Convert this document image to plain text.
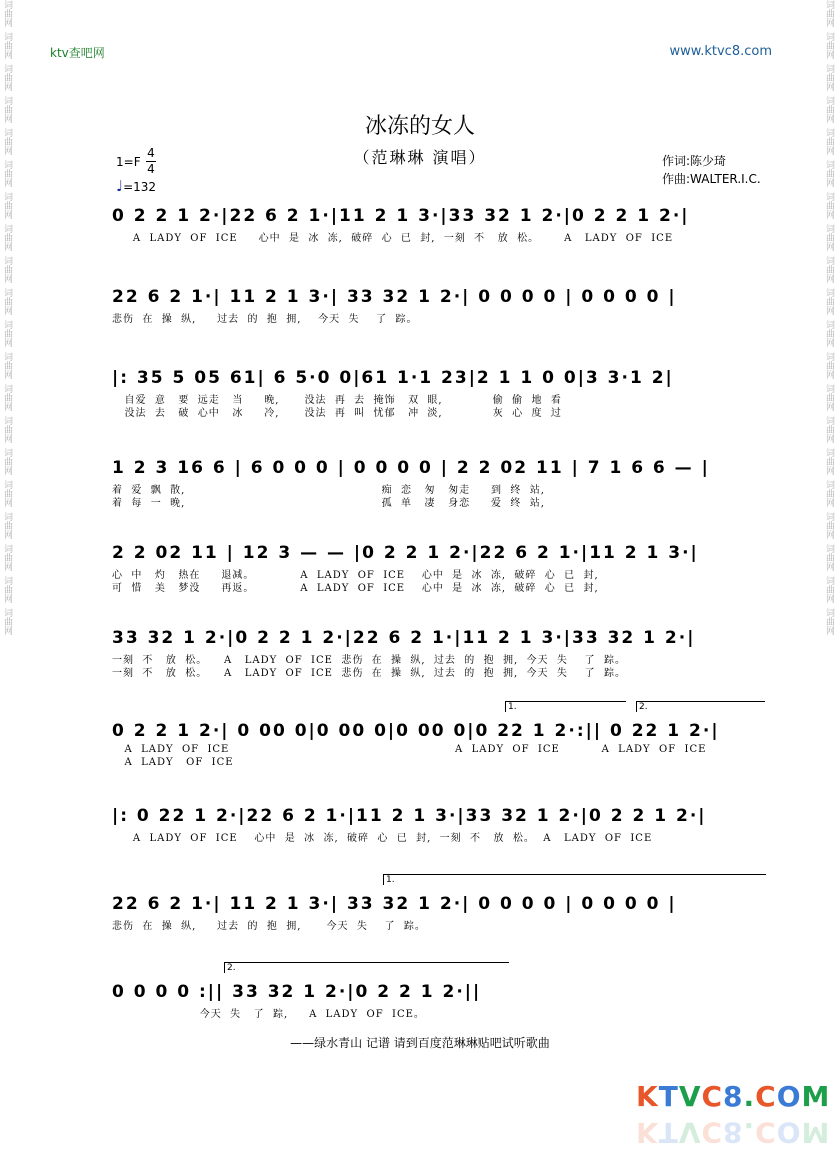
词曲网
词曲网
词曲网
词曲网
词曲网
词曲网
词曲网
词曲网
词曲网
词曲网
词曲网
词曲网
词曲网
词曲网
词曲网
词曲网
词曲网
词曲网
词曲网
词曲网
词曲网
词曲网
词曲网
词曲网
词曲网
词曲网
词曲网
词曲网
词曲网
词曲网
词曲网
词曲网
词曲网
词曲网
词曲网
词曲网
词曲网
词曲网
词曲网
词曲网
ktv查吧网	www.ktvc8.com
冰冻的女人
（范琳琳 演唱）
1=F
4
4
♩=132
作词:陈少琦
作曲:WALTER.I.C.
0 2 2 1 2·|22 6 2 1·|11 2 1 3·|33 32 1 2·|0 2 2 1 2·|
A  LADY  OF  ICE     心中  是  冰  冻,  破碎  心  已  封,  一刻  不   放  松。      A   LADY  OF  ICE
22 6 2 1·| 11 2 1 3·| 33 32 1 2·| 0 0 0 0 | 0 0 0 0 |
悲伤  在  操  纵,     过去  的  抱  拥,    今天  失    了  踪。
|: 35 5 05 61| 6 5·0 0|61 1·1 23|2 1 1 0 0|3 3·1 2|
自爱  意   要  远走   当     晚,      没法  再  去  掩饰   双  眼,            偷  偷  地  看
没法  去   破  心中   冰     冷,      没法  再  叫  忧郁   冲  淡,            灰  心  度  过
1 2 3 16 6 | 6 0 0 0 | 0 0 0 0 | 2 2 02 11 | 7 1 6 6 — |
着  爱  飘  散,                                               痴  恋   匆   匆走     到  终  站,
着  每  一  晚,                                               孤  单   凄   身恋     爱  终  站,
2 2 02 11 | 12 3 — — |0 2 2 1 2·|22 6 2 1·|11 2 1 3·|
心  中   灼   热在     退减。           A  LADY  OF  ICE    心中  是  冰  冻,  破碎  心  已  封,
可  惜   美   梦没     再返。           A  LADY  OF  ICE    心中  是  冰  冻,  破碎  心  已  封,
33 32 1 2·|0 2 2 1 2·|22 6 2 1·|11 2 1 3·|33 32 1 2·|
一刻  不   放  松。    A   LADY  OF  ICE  悲伤  在  操  纵,  过去  的  抱  拥,  今天  失    了  踪。
一刻  不   放  松。    A   LADY  OF  ICE  悲伤  在  操  纵,  过去  的  抱  拥,  今天  失    了  踪。
0 2 2 1 2·| 0 00 0|0 00 0|0 00 0|0 22 1 2·:|| 0 22 1 2·|
A  LADY  OF  ICE                                                      A  LADY  OF  ICE          A  LADY  OF  ICE
A  LADY   OF  ICE
|: 0 22 1 2·|22 6 2 1·|11 2 1 3·|33 32 1 2·|0 2 2 1 2·|
A  LADY  OF  ICE    心中  是  冰  冻,  破碎  心  已  封,  一刻  不   放  松。  A   LADY  OF  ICE
22 6 2 1·| 11 2 1 3·| 33 32 1 2·| 0 0 0 0 | 0 0 0 0 |
悲伤  在  操  纵,     过去  的  抱  拥,      今天  失    了  踪。
0 0 0 0 :|| 33 32 1 2·|0 2 2 1 2·||
今天  失   了  踪,     A  LADY  OF  ICE。
1.	2.
1.
2.
——绿水青山 记谱 请到百度范琳琳贴吧试听歌曲
KTVC8.COM
KTVC8.COM
